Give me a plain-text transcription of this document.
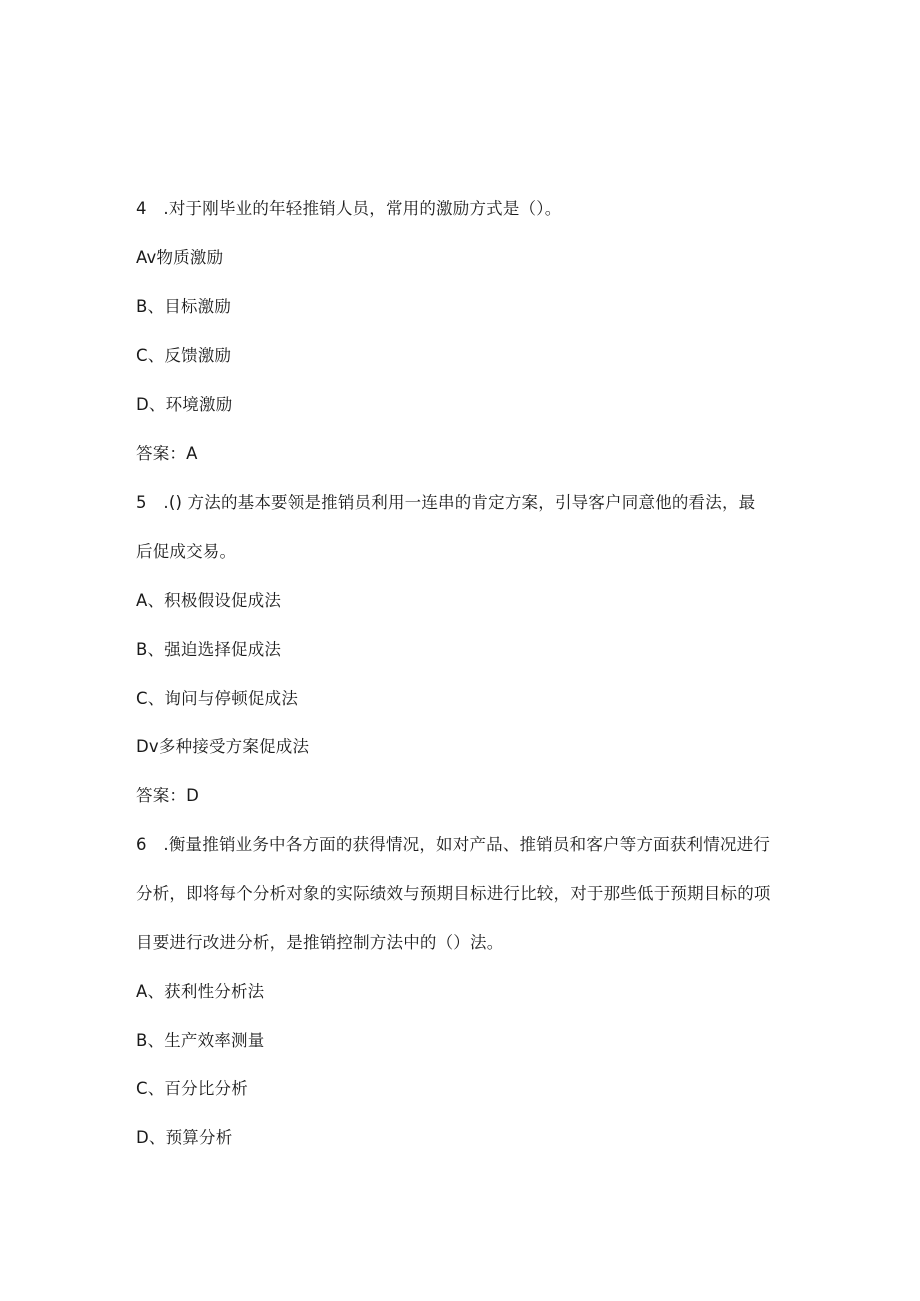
4　.对于刚毕业的年轻推销人员，常用的激励方式是（）。
Av物质激励
B、目标激励
C、反馈激励
D、环境激励
答案：A
5　.() 方法的基本要领是推销员利用一连串的肯定方案，引导客户同意他的看法，最
后促成交易。
A、积极假设促成法
B、强迫选择促成法
C、询问与停顿促成法
Dv多种接受方案促成法
答案：D
6　.衡量推销业务中各方面的获得情况，如对产品、推销员和客户等方面获利情况进行
分析，即将每个分析对象的实际绩效与预期目标进行比较，对于那些低于预期目标的项
目要进行改进分析，是推销控制方法中的（）法。
A、获利性分析法
B、生产效率测量
C、百分比分析
D、预算分析
